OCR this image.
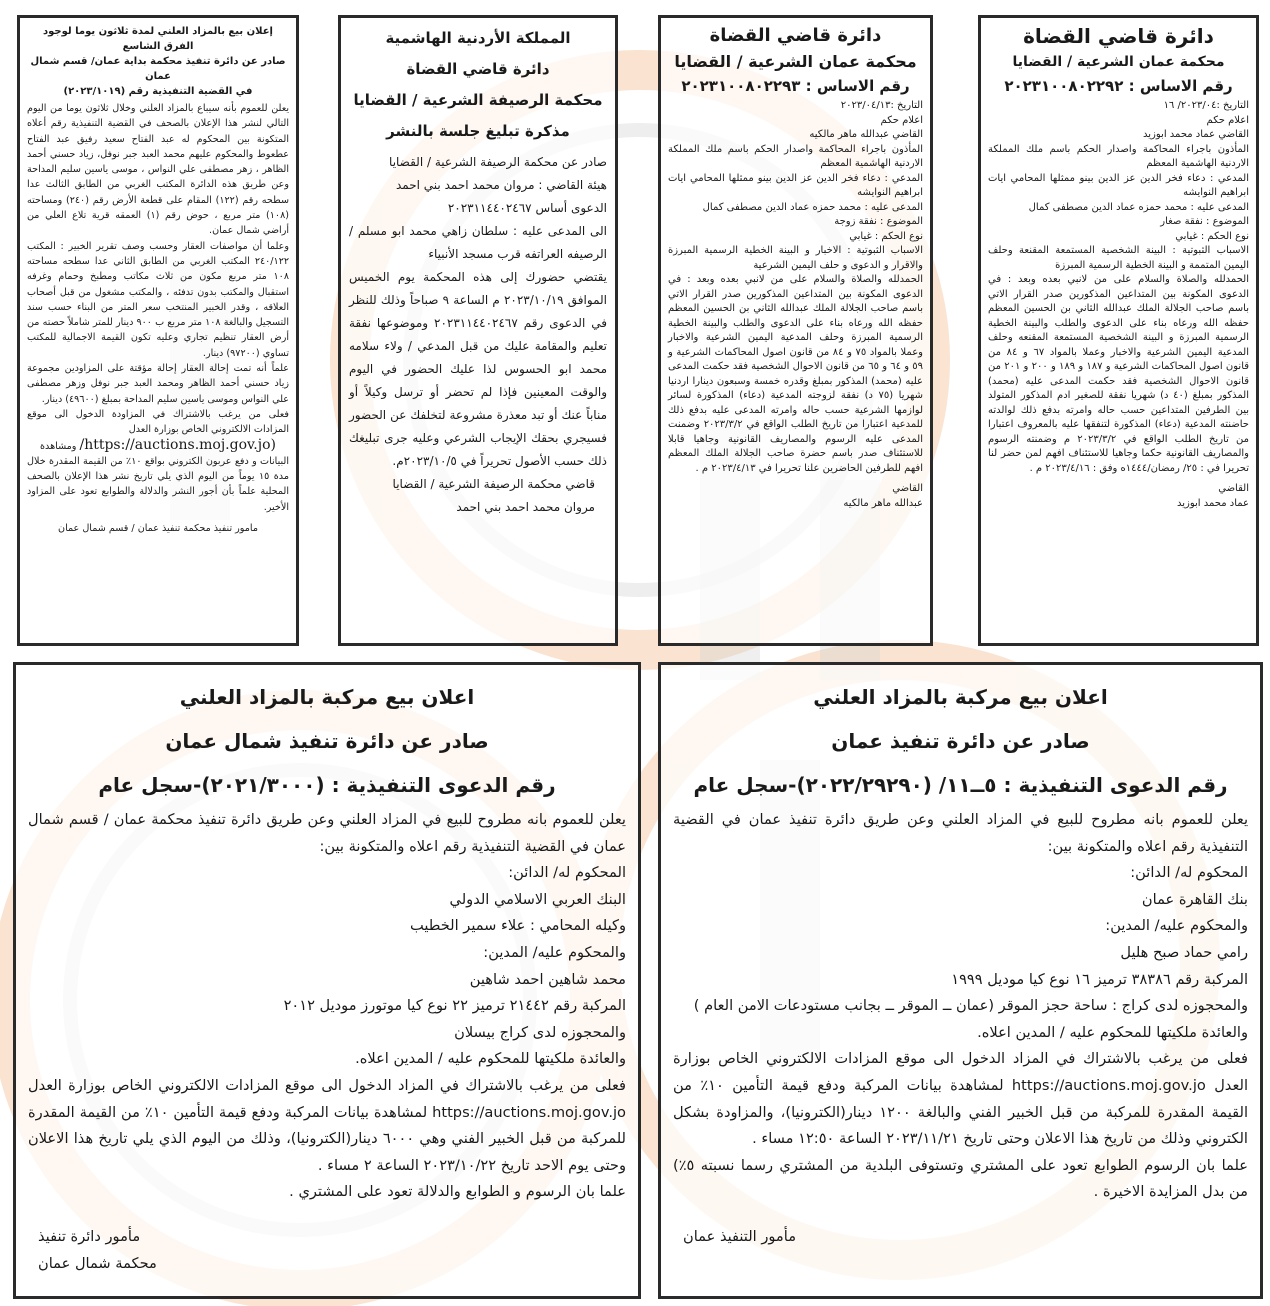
إعلان بيع بالمزاد العلني لمدة ثلاثون يوما لوجود الفرق الشاسع

صادر عن دائرة تنفيذ محكمة بداية عمان/ قسم شمال عمان

في القضية التنفيذية رقم (٢٠٢٣/١٠١٩)

يعلن للعموم بأنه سيباع بالمزاد العلني وخلال ثلاثون يوما من اليوم التالي لنشر هذا الإعلان بالصحف في القضية التنفيذية رقم أعلاه المتكونة بين المحكوم له عبد الفتاح سعيد رفيق عبد الفتاح عطعوط والمحكوم عليهم محمد العبد جبر نوفل، زياد حسني أحمد الظاهر ، زهر مصطفى علي النواس ، موسى ياسين سليم المداحة وعن طريق هذه الدائرة المكتب الغربي من الطابق الثالث عدا سطحه رقم (١٢٢) المقام على قطعة الأرض رقم (٢٤٠) ومساحته (١٠٨) متر مربع ، حوض رقم (١) العمقه قرية تلاع العلي من أراضي شمال عمان.

وعلما أن مواصفات العقار وحسب وصف تقرير الخبير : المكتب ٢٤٠/١٢٢ المكتب الغربي من الطابق الثاني عدا سطحه مساحته ١٠٨ متر مربع مكون من ثلاث مكاتب ومطبخ وحمام وغرفه استقبال والمكتب بدون تدفئه ، والمكتب مشغول من قبل أصحاب العلاقه ، وقدر الخبير المنتخب سعر المتر من البناء حسب سند التسجيل والبالغة ١٠٨ متر مربع ب ٩٠٠ دينار للمتر شاملاً حصته من أرض العقار تنظيم تجاري وعليه تكون القيمة الاجمالية للمكتب تساوي (٩٧٢٠٠) دينار.

علماً أنه تمت إحالة العقار إحالة مؤقتة على المزاودين مجموعة زياد حسني أحمد الظاهر ومحمد العبد جبر نوفل وزهر مصطفى علي النواس وموسى ياسين سليم المداحة بمبلغ (٤٩٦٠٠) دينار.

فعلى من يرغب بالاشتراك في المزاودة الدخول الى موقع المزادات الالكتروني الخاص بوزارة العدل

(https://auctions.moj.gov.jo/ ومشاهدة

البيانات و دفع عربون الكتروني بواقع ١٠٪ من القيمة المقدرة خلال مدة ١٥ يوماً من اليوم الذي يلي تاريخ نشر هذا الإعلان بالصحف المحلية علماً بأن أجور النشر والدلالة والطوابع تعود على المزاود الأخير.

مامور تنفيذ محكمة تنفيذ عمان / قسم شمال عمان

المملكة الأردنية الهاشمية

دائرة قاضي القضاة

محكمة الرصيفة الشرعية / القضايا

مذكرة تبليغ جلسة بالنشر

صادر عن محكمة الرصيفة الشرعية / القضايا

هيئة القاضي : مروان محمد احمد بني احمد

الدعوى أساس ٢٠٢٣١١٤٤٠٢٤٦٧

الى المدعى عليه : سلطان زاهي محمد ابو مسلم / الرصيفه العراتفه قرب مسجد الأنبياء

يقتضي حضورك إلى هذه المحكمة يوم الخميس الموافق ٢٠٢٣/١٠/١٩ م الساعة ٩ صباحاً وذلك للنظر في الدعوى رقم ٢٠٢٣١١٤٤٠٢٤٦٧ وموضوعها نفقة تعليم والمقامة عليك من قبل المدعي / ولاء سلامه محمد ابو الحسوس لذا عليك الحضور في اليوم والوقت المعينين فإذا لم تحضر أو ترسل وكيلاً أو مناباً عنك أو تبد معذرة مشروعة لتخلفك عن الحضور فسيجري بحقك الإيجاب الشرعي وعليه جرى تبليغك ذلك حسب الأصول تحريراً في ٢٠٢٣/١٠/٥م.

قاضي محكمة الرصيفة الشرعية / القضايا

مروان محمد احمد بني احمد

دائرة قاضي القضاة

محكمة عمان الشرعية / القضايا

رقم الاساس : ٢٠٢٣١٠٠٨٠٢٢٩٣

التاريخ :٢٠٢٣/٠٤/١٣

اعلام حكم

القاضي عبدالله ماهر مالكيه

المأذون باجراء المحاكمة واصدار الحكم باسم ملك المملكة الاردنية الهاشمية المعظم

المدعي : دعاء فخر الدين عز الدين بينو ممثلها المحامي ايات ابراهيم النوايشه

المدعى عليه : محمد حمزه عماد الدين مصطفى كمال

الموضوع : نفقة زوجة

نوع الحكم : غيابي

الاسباب الثبوتية : الاخبار و البينة الخطية الرسمية المبرزة والاقرار و الدعوى و حلف اليمين الشرعية

الحمدلله والصلاة والسلام على من لانبي بعده وبعد : في الدعوى المكونة بين المتداعين المذكورين صدر القرار الاتي باسم صاحب الجلالة الملك عبدالله الثاني بن الحسين المعظم حفظه الله ورعاه بناء على الدعوى والطلب والبينة الخطية الرسمية المبرزة وحلف المدعية اليمين الشرعية والاخبار وعملا بالمواد ٧٥ و ٨٤ من قانون اصول المحاكمات الشرعية و ٥٩ و ٦٤ و ٦٥ من قانون الاحوال الشخصية فقد حكمت المدعى عليه (محمد) المذكور بمبلغ وقدره خمسة وسبعون دينارا اردنيا شهريا (٧٥ د) نفقة لزوجته المدعية (دعاء) المذكورة لسائر لوازمها الشرعية حسب حاله وامرته المدعى عليه بدفع ذلك للمدعية اعتبارا من تاريخ الطلب الواقع في ٢٠٢٣/٣/٢ وضمنت المدعى عليه الرسوم والمصاريف القانونية وجاهيا قابلا للاستئناف صدر باسم حضرة صاحب الجلالة الملك المعظم افهم للطرفين الحاضرين علنا تحريرا في ٢٠٢٣/٤/١٣ م .

القاضي

عبدالله ماهر مالكيه

دائرة قاضي القضاة

محكمة عمان الشرعية / القضايا

رقم الاساس : ٢٠٢٣١٠٠٨٠٢٢٩٢

التاريخ :٢٠٢٣/٠٤/ ١٦

اعلام حكم

القاضي عماد محمد ابوزيد

المأذون باجراء المحاكمة واصدار الحكم باسم ملك المملكة الاردنية الهاشمية المعظم

المدعي : دعاء فخر الدين عز الدين بينو ممثلها المحامي ايات ابراهيم النوايشه

المدعى عليه : محمد حمزه عماد الدين مصطفى كمال

الموضوع : نفقة صغار

نوع الحكم : غيابي

الاسباب الثبوتية : البينة الشخصية المستمعة المقنعة وحلف اليمين المتممة و البينة الخطية الرسمية المبرزة

الحمدلله والصلاة والسلام على من لانبي بعده وبعد : في الدعوى المكونة بين المتداعين المذكورين صدر القرار الاتي باسم صاحب الجلالة الملك عبدالله الثاني بن الحسين المعظم حفظه الله ورعاه بناء على الدعوى والطلب والبينة الخطية الرسمية المبرزة و البينة الشخصية المستمعة المقنعه وحلف المدعية اليمين الشرعية والاخبار وعملا بالمواد ٦٧ و ٨٤ من قانون اصول المحاكمات الشرعية و ١٨٧ و ١٨٩ و ٢٠٠ و ٢٠١ من قانون الاحوال الشخصية فقد حكمت المدعى عليه (محمد) المذكور بمبلغ (٤٠ د) شهريا نفقة للصغير ادم المذكور المتولد بين الطرفين المتداعين حسب حاله وامرته بدفع ذلك لوالدته حاضنته المدعية (دعاء) المذكورة لتنفقها عليه بالمعروف اعتبارا من تاريخ الطلب الواقع في ٢٠٢٣/٣/٢ م وضمنته الرسوم والمصاريف القانونية حكما وجاهيا للاستئناف افهم لمن حضر لنا تحريرا في : ٢٥/ رمضان/١٤٤٤ه وفق : ٢٠٢٣/٤/١٦ م .

القاضي

عماد محمد ابوزيد

اعلان بيع مركبة بالمزاد العلني

صادر عن دائرة تنفيذ شمال عمان

رقم الدعوى التنفيذية : (٢٠٢١/٣٠٠٠)-سجل عام

يعلن للعموم بانه مطروح للبيع في المزاد العلني وعن طريق دائرة تنفيذ محكمة عمان / قسم شمال عمان في القضية التنفيذية رقم اعلاه والمتكونة بين:

المحكوم له/ الدائن:

البنك العربي الاسلامي الدولي

وكيله المحامي : علاء سمير الخطيب

والمحكوم عليه/ المدين:

محمد شاهين احمد شاهين

المركبة رقم ٢١٤٤٢ ترميز ٢٢ نوع كيا موتورز موديل ٢٠١٢

والمحجوزه لدى كراج بيسلان

والعائدة ملكيتها للمحكوم عليه / المدين اعلاه.

فعلى من يرغب بالاشتراك في المزاد الدخول الى موقع المزادات الالكتروني الخاص بوزارة العدل https://auctions.moj.gov.jo لمشاهدة بيانات المركبة ودفع قيمة التأمين ١٠٪ من القيمة المقدرة للمركبة من قبل الخبير الفني وهي ٦٠٠٠ دينار(الكترونيا)، وذلك من اليوم الذي يلي تاريخ هذا الاعلان وحتى يوم الاحد تاريخ ٢٠٢٣/١٠/٢٢ الساعة ٢ مساء .

علما بان الرسوم و الطوابع والدلالة تعود على المشتري .

مأمور دائرة تنفيذ

محكمة شمال عمان

اعلان بيع مركبة بالمزاد العلني

صادر عن دائرة تنفيذ عمان

رقم الدعوى التنفيذية : ٥ــ١١/ (٢٠٢٢/٢٩٢٩٠)-سجل عام

يعلن للعموم بانه مطروح للبيع في المزاد العلني وعن طريق دائرة تنفيذ عمان في القضية التنفيذية رقم اعلاه والمتكونة بين:

المحكوم له/ الدائن:

بنك القاهرة عمان

والمحكوم عليه/ المدين:

رامي حماد صبح هليل

المركبة رقم ٣٨٣٨٦ ترميز ١٦ نوع كيا موديل ١٩٩٩

والمحجوزه لدى كراج : ساحة حجز الموقر (عمان ــ الموقر ــ بجانب مستودعات الامن العام )

والعائدة ملكيتها للمحكوم عليه / المدين اعلاه.

فعلى من يرغب بالاشتراك في المزاد الدخول الى موقع المزادات الالكتروني الخاص بوزارة العدل https://auctions.moj.gov.jo لمشاهدة بيانات المركبة ودفع قيمة التأمين ١٠٪ من القيمة المقدرة للمركبة من قبل الخبير الفني والبالغة ١٢٠٠ دينار(الكترونيا)، والمزاودة بشكل الكتروني وذلك من تاريخ هذا الاعلان وحتى تاريخ ٢٠٢٣/١١/٢١ الساعة ١٢:٥٠ مساء .

علما بان الرسوم الطوابع تعود على المشتري وتستوفى البلدية من المشتري رسما نسبته ٥٪) من بدل المزايدة الاخيرة .

مأمور التنفيذ عمان
